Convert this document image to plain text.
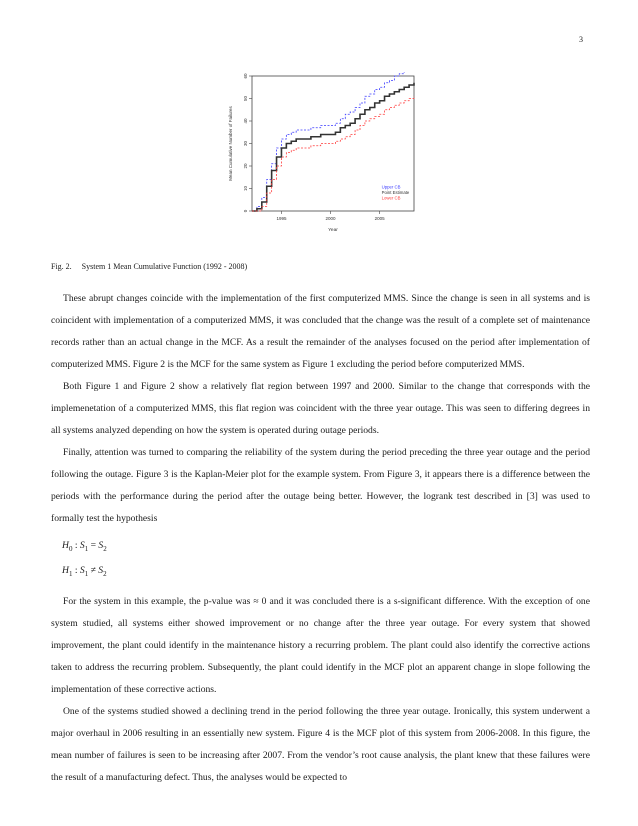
3
0
10
20
30
40
50
60
1995	2000	2005
Year
Mean Cumulative Number of Failures
Upper CB
Point Estimate
Lower CB
Fig. 2. System 1 Mean Cumulative Function (1992 - 2008)

These abrupt changes coincide with the implementation of the first computerized MMS. Since the change is seen in all systems and is coincident with implementation of a computerized MMS, it was concluded that the change was the result of a complete set of maintenance records rather than an actual change in the MCF. As a result the remainder of the analyses focused on the period after implementation of computerized MMS. Figure 2 is the MCF for the same system as Figure 1 excluding the period before computerized MMS.

Both Figure 1 and Figure 2 show a relatively flat region between 1997 and 2000. Similar to the change that corresponds with the implemenetation of a computerized MMS, this flat region was coincident with the three year outage. This was seen to differing degrees in all systems analyzed depending on how the system is operated during outage periods.

Finally, attention was turned to comparing the reliability of the system during the period preceding the three year outage and the period following the outage. Figure 3 is the Kaplan-Meier plot for the example system. From Figure 3, it appears there is a difference between the periods with the performance during the period after the outage being better. However, the logrank test described in [3] was used to formally test the hypothesis

$H_0$ : $S_1 = S_2$
$H_1$ : $S_1 \ne S_2$

For the system in this example, the p-value was ≈ 0 and it was concluded there is a s-significant difference. With the exception of one system studied, all systems either showed improvement or no change after the three year outage. For every system that showed improvement, the plant could identify in the maintenance history a recurring problem. The plant could also identify the corrective actions taken to address the recurring problem. Subsequently, the plant could identify in the MCF plot an apparent change in slope following the implementation of these corrective actions.

One of the systems studied showed a declining trend in the period following the three year outage. Ironically, this system underwent a major overhaul in 2006 resulting in an essentially new system. Figure 4 is the MCF plot of this system from 2006-2008. In this figure, the mean number of failures is seen to be increasing after 2007. From the vendor’s root cause analysis, the plant knew that these failures were the result of a manufacturing defect. Thus, the analyses would be expected to
